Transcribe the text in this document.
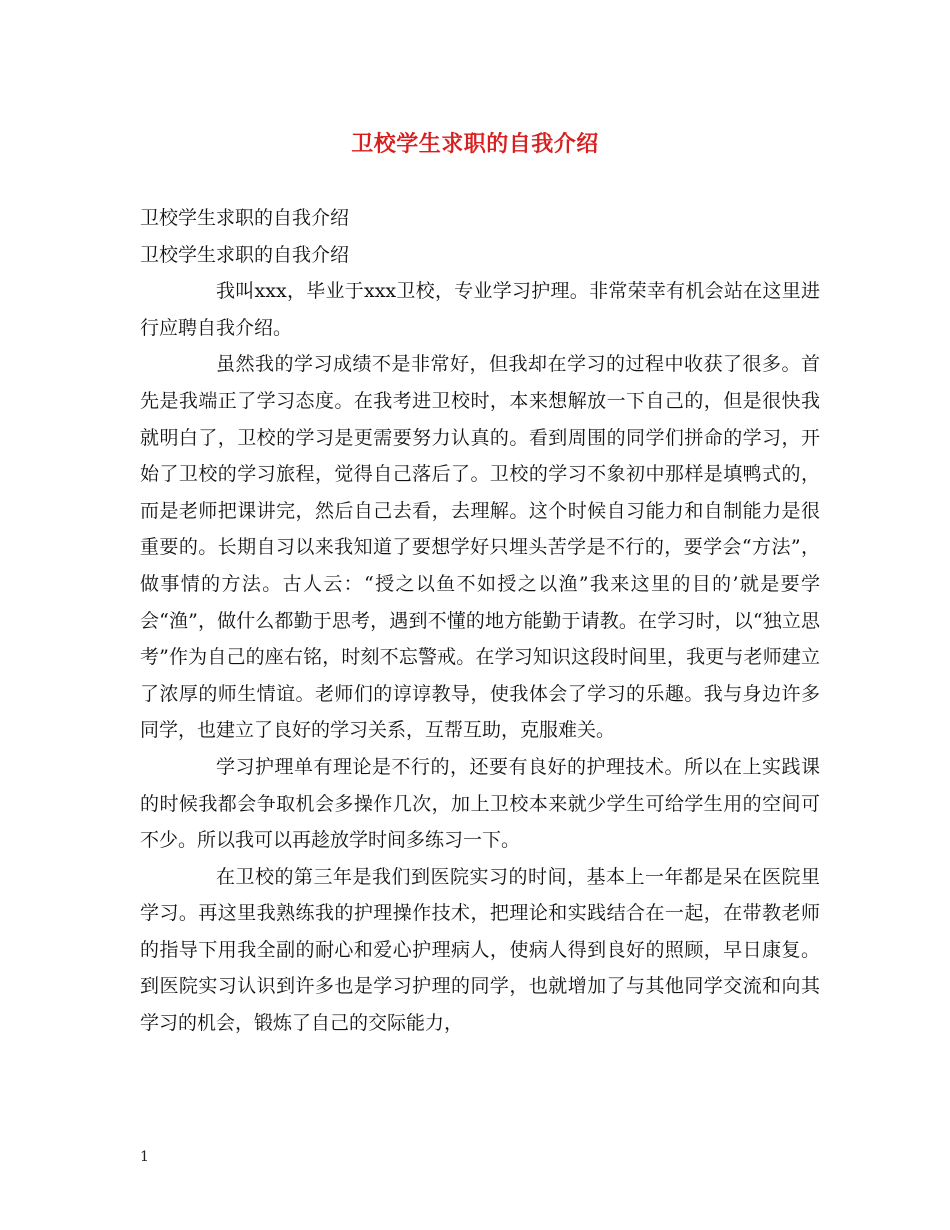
卫校学生求职的自我介绍

卫校学生求职的自我介绍

卫校学生求职的自我介绍

我叫xxx，毕业于xxx卫校，专业学习护理。非常荣幸有机会站在这里进行应聘自我介绍。

虽然我的学习成绩不是非常好，但我却在学习的过程中收获了很多。首先是我端正了学习态度。在我考进卫校时，本来想解放一下自己的，但是很快我就明白了，卫校的学习是更需要努力认真的。看到周围的同学们拼命的学习，开始了卫校的学习旅程，觉得自己落后了。卫校的学习不象初中那样是填鸭式的，而是老师把课讲完，然后自己去看，去理解。这个时候自习能力和自制能力是很重要的。长期自习以来我知道了要想学好只埋头苦学是不行的，要学会“方法”，做事情的方法。古人云：“授之以鱼不如授之以渔”我来这里的目的’就是要学会“渔”，做什么都勤于思考，遇到不懂的地方能勤于请教。在学习时，以“独立思考”作为自己的座右铭，时刻不忘警戒。在学习知识这段时间里，我更与老师建立了浓厚的师生情谊。老师们的谆谆教导，使我体会了学习的乐趣。我与身边许多同学，也建立了良好的学习关系，互帮互助，克服难关。

学习护理单有理论是不行的，还要有良好的护理技术。所以在上实践课的时候我都会争取机会多操作几次，加上卫校本来就少学生可给学生用的空间可不少。所以我可以再趁放学时间多练习一下。

在卫校的第三年是我们到医院实习的时间，基本上一年都是呆在医院里学习。再这里我熟练我的护理操作技术，把理论和实践结合在一起，在带教老师的指导下用我全副的耐心和爱心护理病人，使病人得到良好的照顾，早日康复。到医院实习认识到许多也是学习护理的同学，也就增加了与其他同学交流和向其学习的机会，锻炼了自己的交际能力，

1
